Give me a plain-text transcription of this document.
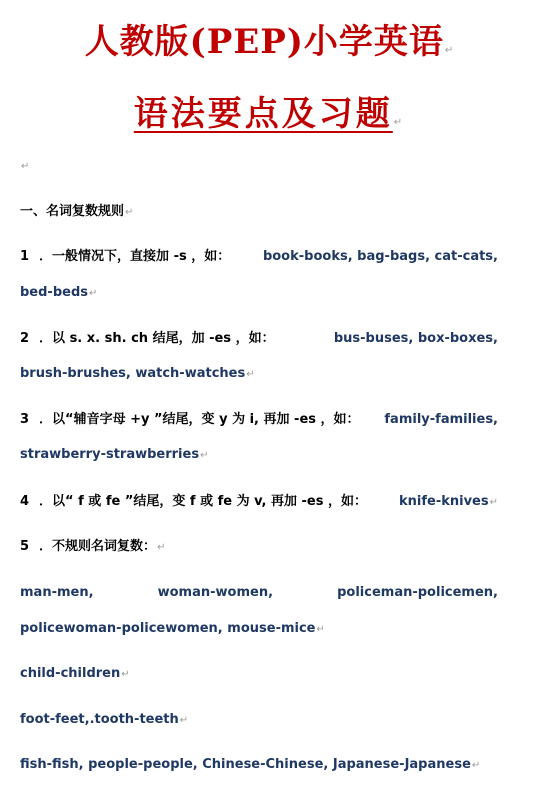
人教版(PEP)小学英语↵
语法要点及习题↵
↵
一、名词复数规则↵
1 ．一般情况下，直接加 -s ，如：	book-books, bag-bags, cat-cats,
bed-beds↵
2 ．以 s. x. sh. ch 结尾，加 -es ，如：	bus-buses, box-boxes,
brush-brushes, watch-watches↵
3 ．以“辅音字母 +y ”结尾，变 y 为 i, 再加 -es ，如： family-families,
strawberry-strawberries↵
4 ．以“ f 或 fe ”结尾，变 f 或 fe 为 v, 再加 -es ，如： knife-knives↵
5 ．不规则名词复数：↵
man-men,	woman-women,	policeman-policemen,
policewoman-policewomen, mouse-mice↵
child-children↵
foot-feet,.tooth-teeth↵
fish-fish, people-people, Chinese-Chinese, Japanese-Japanese↵
